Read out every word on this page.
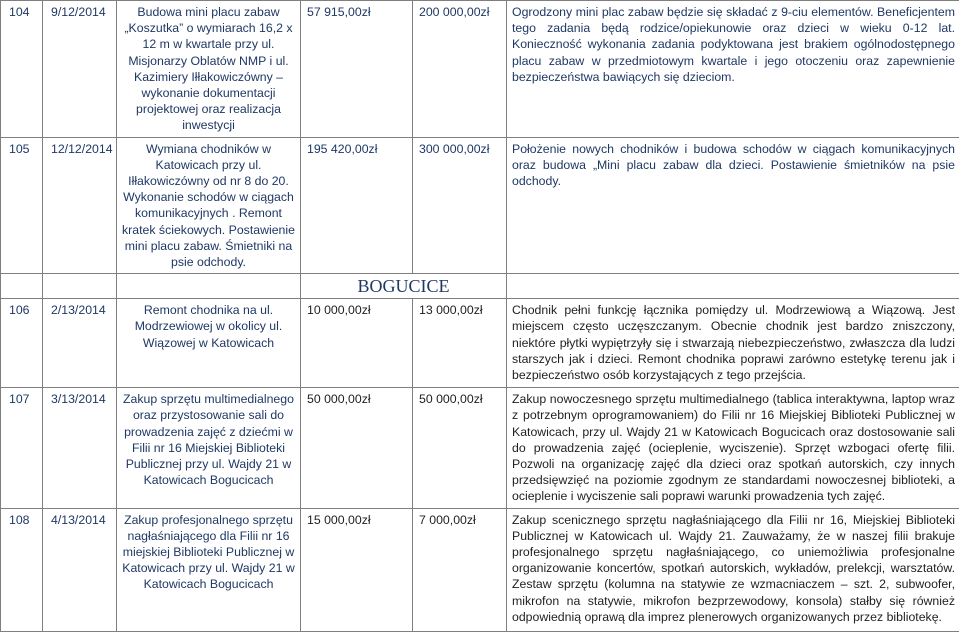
104	9/12/2014	Budowa mini placu zabaw „Koszutka” o wymiarach 16,2 x 12 m w kwartale przy ul. Misjonarzy Oblatów NMP i ul. Kazimiery Iłłakowiczówny – wykonanie dokumentacji projektowej oraz realizacja inwestycji	57 915,00zł	200 000,00zł	Ogrodzony mini plac zabaw będzie się składać z 9-ciu elementów. Beneficjentem tego zadania będą rodzice/opiekunowie oraz dzieci w wieku 0-12 lat. Konieczność wykonania zadania podyktowana jest brakiem ogólnodostępnego placu zabaw w przedmiotowym kwartale i jego otoczeniu oraz zapewnienie bezpieczeństwa bawiących się dzieciom.
105	12/12/2014	Wymiana chodników w Katowicach przy ul. Iłłakowiczówny od nr 8 do 20. Wykonanie schodów w ciągach komunikacyjnych . Remont kratek ściekowych. Postawienie mini placu zabaw. Śmietniki na psie odchody.	195 420,00zł	300 000,00zł	Położenie nowych chodników i budowa schodów w ciągach komunikacyjnych oraz budowa „Mini placu zabaw dla dzieci. Postawienie śmietników na psie odchody.
			BOGUCICE		
106	2/13/2014	Remont chodnika na ul. Modrzewiowej w okolicy ul. Wiązowej w Katowicach	10 000,00zł	13 000,00zł	Chodnik pełni funkcję łącznika pomiędzy ul. Modrzewiową a Wiązową. Jest miejscem często uczęszczanym. Obecnie chodnik jest bardzo zniszczony, niektóre płytki wypiętrzyły się i stwarzają niebezpieczeństwo, zwłaszcza dla ludzi starszych jak i dzieci. Remont chodnika poprawi zarówno estetykę terenu jak i bezpieczeństwo osób korzystających z tego przejścia.
107	3/13/2014	Zakup sprzętu multimedialnego oraz przystosowanie sali do prowadzenia zajęć z dziećmi w Filii nr 16 Miejskiej Biblioteki Publicznej przy ul. Wajdy 21 w Katowicach Bogucicach	50 000,00zł	50 000,00zł	Zakup nowoczesnego sprzętu multimedialnego (tablica interaktywna, laptop wraz z potrzebnym oprogramowaniem) do Filii nr 16 Miejskiej Biblioteki Publicznej w Katowicach, przy ul. Wajdy 21 w Katowicach Bogucicach oraz dostosowanie sali do prowadzenia zajęć (ocieplenie, wyciszenie). Sprzęt wzbogaci ofertę filii. Pozwoli na organizację zajęć dla dzieci oraz spotkań autorskich, czy innych przedsięwzięć na poziomie zgodnym ze standardami nowoczesnej biblioteki, a ocieplenie i wyciszenie sali poprawi warunki prowadzenia tych zajęć.
108	4/13/2014	Zakup profesjonalnego sprzętu nagłaśniającego dla Filii nr 16 miejskiej Biblioteki Publicznej w Katowicach przy ul. Wajdy 21 w Katowicach Bogucicach	15 000,00zł	7 000,00zł	Zakup scenicznego sprzętu nagłaśniającego dla Filii nr 16, Miejskiej Biblioteki Publicznej w Katowicach ul. Wajdy 21. Zauważamy, że w naszej filii brakuje profesjonalnego sprzętu nagłaśniającego, co uniemożliwia profesjonalne organizowanie koncertów, spotkań autorskich, wykładów, prelekcji, warsztatów. Zestaw sprzętu (kolumna na statywie ze wzmacniaczem – szt. 2, subwoofer, mikrofon na statywie, mikrofon bezprzewodowy, konsola) stałby się również odpowiednią oprawą dla imprez plenerowych organizowanych przez bibliotekę.
